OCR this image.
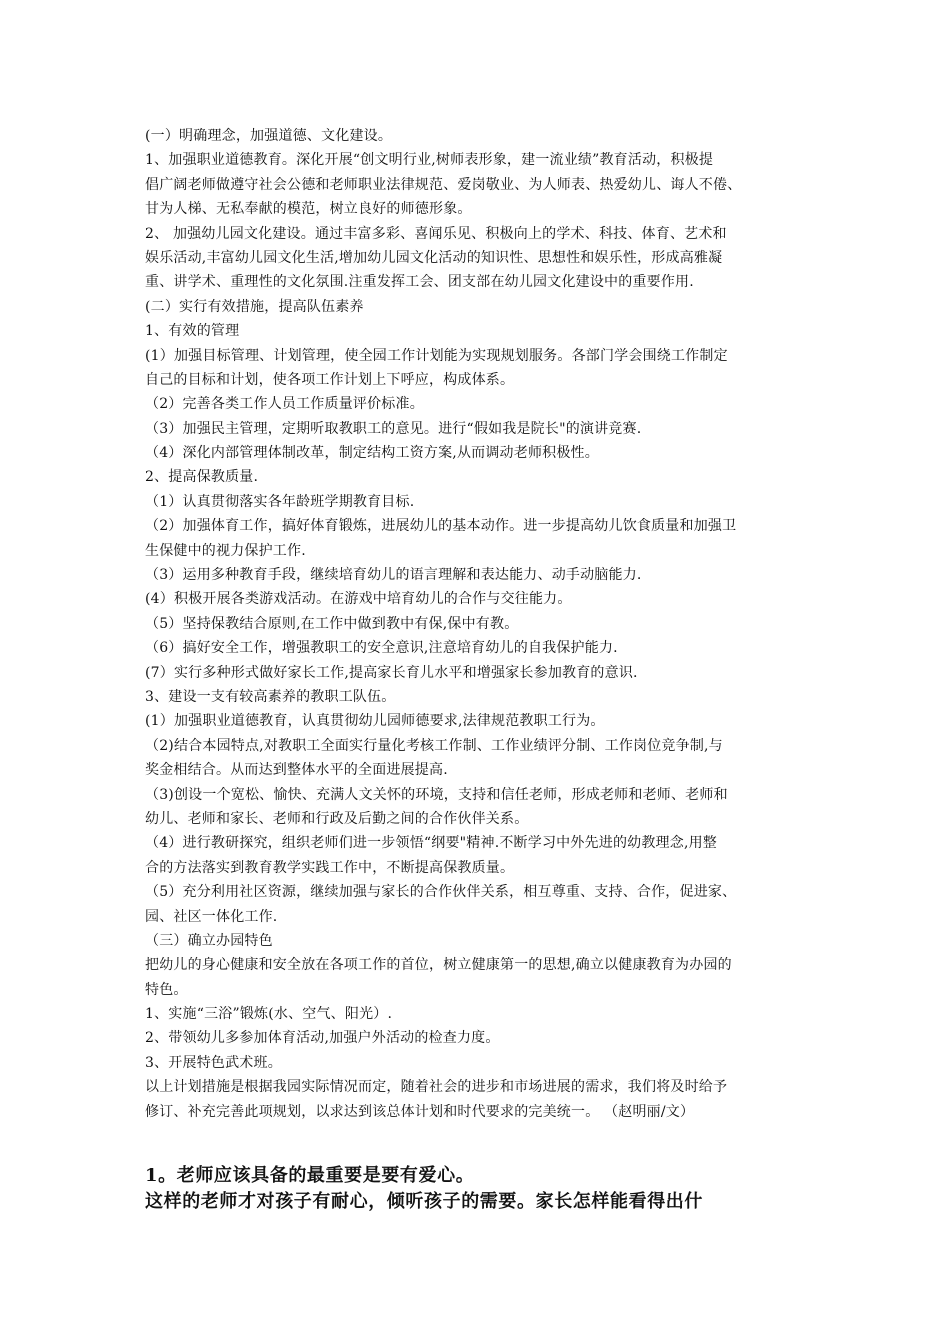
(一）明确理念，加强道德、文化建设。
1、加强职业道德教育。深化开展“创文明行业,树师表形象，建一流业绩”教育活动，积极提
倡广阔老师做遵守社会公德和老师职业法律规范、爱岗敬业、为人师表、热爱幼儿、诲人不倦、
甘为人梯、无私奉献的模范，树立良好的师德形象。
2、 加强幼儿园文化建设。通过丰富多彩、喜闻乐见、积极向上的学术、科技、体育、艺术和
娱乐活动,丰富幼儿园文化生活,增加幼儿园文化活动的知识性、思想性和娱乐性，形成高雅凝
重、讲学术、重理性的文化氛围.注重发挥工会、团支部在幼儿园文化建设中的重要作用.
(二）实行有效措施，提高队伍素养
1、有效的管理
(1）加强目标管理、计划管理，使全园工作计划能为实现规划服务。各部门学会围绕工作制定
自己的目标和计划，使各项工作计划上下呼应，构成体系。
（2）完善各类工作人员工作质量评价标准。
（3）加强民主管理，定期听取教职工的意见。进行“假如我是院长"的演讲竞赛.
（4）深化内部管理体制改革，制定结构工资方案,从而调动老师积极性。
2、提高保教质量.
（1）认真贯彻落实各年龄班学期教育目标.
（2）加强体育工作，搞好体育锻炼，进展幼儿的基本动作。进一步提高幼儿饮食质量和加强卫
生保健中的视力保护工作.
（3）运用多种教育手段，继续培育幼儿的语言理解和表达能力、动手动脑能力.
(4）积极开展各类游戏活动。在游戏中培育幼儿的合作与交往能力。
（5）坚持保教结合原则,在工作中做到教中有保,保中有教。
（6）搞好安全工作，增强教职工的安全意识,注意培育幼儿的自我保护能力.
(7）实行多种形式做好家长工作,提高家长育儿水平和增强家长参加教育的意识.
3、建设一支有较高素养的教职工队伍。
(1）加强职业道德教育，认真贯彻幼儿园师德要求,法律规范教职工行为。
（2)结合本园特点,对教职工全面实行量化考核工作制、工作业绩评分制、工作岗位竞争制,与
奖金相结合。从而达到整体水平的全面进展提高.
（3)创设一个宽松、愉快、充满人文关怀的环境，支持和信任老师，形成老师和老师、老师和
幼儿、老师和家长、老师和行政及后勤之间的合作伙伴关系。
（4）进行教研探究，组织老师们进一步领悟“纲要"精神.不断学习中外先进的幼教理念,用整
合的方法落实到教育教学实践工作中，不断提高保教质量。
（5）充分利用社区资源，继续加强与家长的合作伙伴关系，相互尊重、支持、合作，促进家、
园、社区一体化工作.
（三）确立办园特色
把幼儿的身心健康和安全放在各项工作的首位，树立健康第一的思想,确立以健康教育为办园的
特色。
1、实施“三浴”锻炼(水、空气、阳光）.
2、带领幼儿多参加体育活动,加强户外活动的检查力度。
3、开展特色武术班。
以上计划措施是根据我园实际情况而定，随着社会的进步和市场进展的需求，我们将及时给予
修订、补充完善此项规划，以求达到该总体计划和时代要求的完美统一。 （赵明丽/文）
1。老师应该具备的最重要是要有爱心。
这样的老师才对孩子有耐心，倾听孩子的需要。家长怎样能看得出什
